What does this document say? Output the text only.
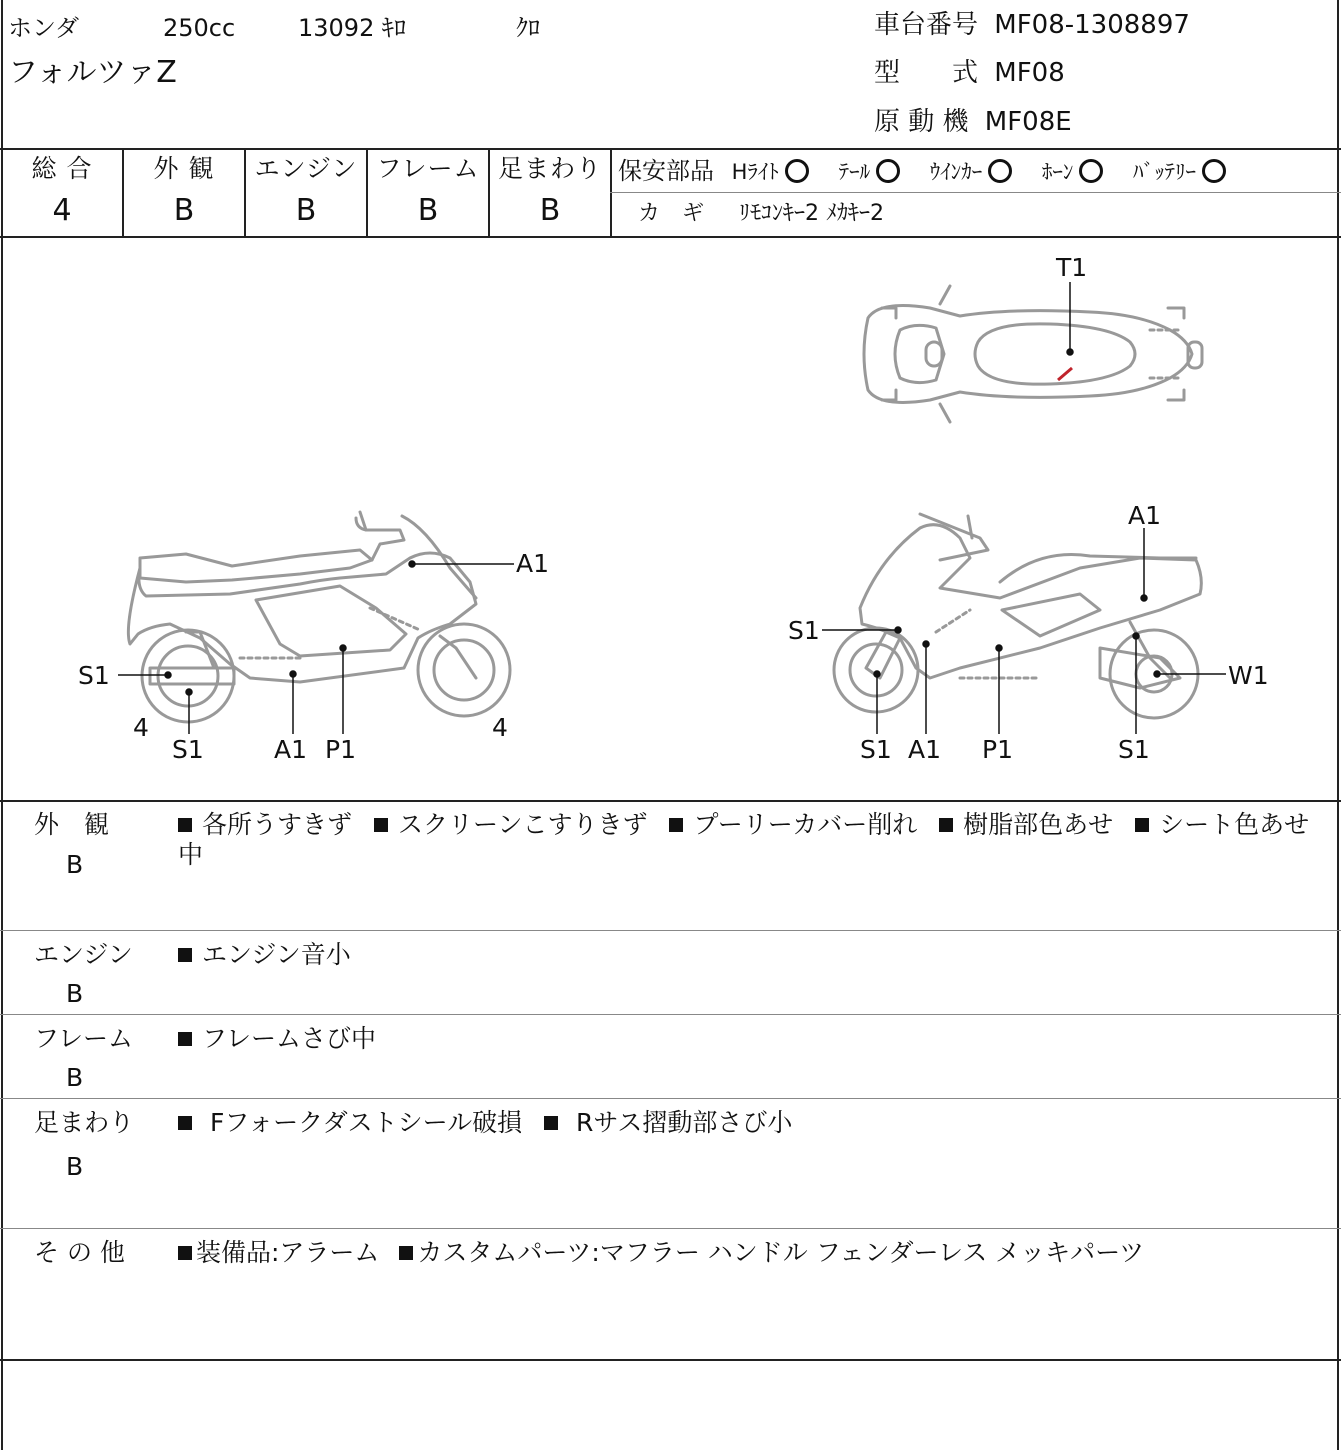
ホンダ	250cc	13092 ｷﾛ	ｸﾛ
フォルツァZ
車台番号 MF08-1308897
型　　式 MF08
原 動 機 MF08E
総 合
4
外 観
B
エンジン
B
フレーム
B
足まわり
B
保安部品 Hﾗｲﾄ	ﾃｰﾙ	ｳｲﾝｶｰ	ﾎｰﾝ	ﾊﾞｯﾃﾘｰ
カ　ギ ﾘﾓｺﾝｷｰ2 ﾒｶｷｰ2
T1
A1
S1
4
S1	A1 P1
4
A1
S1
W1
S1 A1 P1	S1
外　観
B
各所うすきず スクリーンこすりきず プーリーカバー削れ 樹脂部色あせ シート色あせ中
エンジン
B
エンジン音小
フレーム
B
フレームさび中
足まわり
B
Fフォークダストシール破損  Rサス摺動部さび小
そ の 他	装備品:アラーム カスタムパーツ:マフラー ハンドル フェンダーレス メッキパーツ
